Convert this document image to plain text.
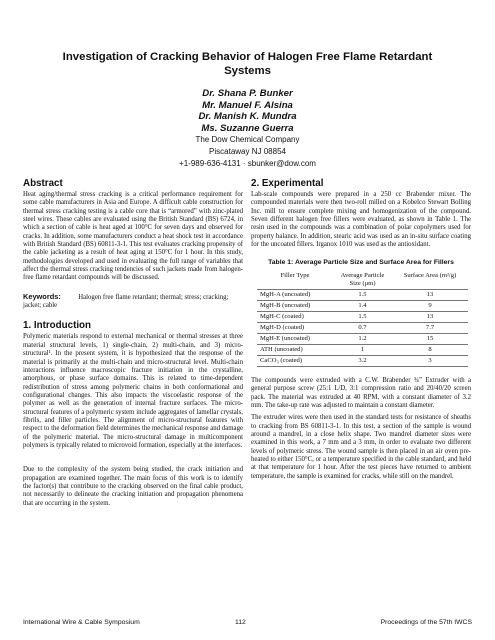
Investigation of Cracking Behavior of Halogen Free Flame Retardant Systems
Dr. Shana P. Bunker
Mr. Manuel F. Alsina
Dr. Manish K. Mundra
Ms. Suzanne Guerra
The Dow Chemical Company
Piscataway NJ 08854
+1-989-636-4131 · sbunker@dow.com
Abstract

Heat aging/thermal stress cracking is a critical performance requirement for some cable manufacturers in Asia and Europe. A difficult cable construction for thermal stress cracking testing is a cable core that is “armored” with zinc-plated steel wires. These cables are evaluated using the British Standard (BS) 6724, in which a section of cable is heat aged at 100°C for seven days and observed for cracks. In addition, some manufacturers conduct a heat shock test in accordance with British Standard (BS) 60811-3-1. This test evaluates cracking propensity of the cable jacketing as a result of heat aging at 150°C for 1 hour. In this study, methodologies developed and used in evaluating the full range of variables that affect the thermal stress cracking tendencies of such jackets made from halogen-free flame retardant compounds will be discussed.

Keywords:	Halogen free flame retardant; thermal; stress; cracking; jacket; cable
1. Introduction

Polymeric materials respond to external mechanical or thermal stresses at three material structural levels, 1) single-chain, 2) multi-chain, and 3) micro-structural¹. In the present system, it is hypothesized that the response of the material is primarily at the multi-chain and micro-structural level. Multi-chain interactions influence macroscopic fracture initiation in the crystalline, amorphous, or phase surface domains. This is related to time-dependent redistribution of stress among polymeric chains in both conformational and configurational changes. This also impacts the viscoelastic response of the polymer as well as the generation of internal fracture surfaces. The micro-structural features of a polymeric system include aggregates of lamellar crystals, fibrils, and filler particles. The alignment of micro-structural features with respect to the deformation field determines the mechanical response and damage of the polymeric material. The micro-structural damage in multicomponent polymers is typically related to microvoid formation, especially at the interfaces.

Due to the complexity of the system being studied, the crack initiation and propagation are examined together. The main focus of this work is to identify the factor(s) that contribute to the cracking observed on the final cable product, not necessarily to delineate the cracking initiation and propagation phenomena that are occurring in the system.

2. Experimental

Lab-scale compounds were prepared in a 250 cc Brabender mixer. The compounded materials were then two-roll milled on a Kobelco Stewart Bolling Inc. mill to ensure complete mixing and homogenization of the compound. Seven different halogen free fillers were evaluated, as shown in Table 1. The resin used in the compounds was a combination of polar copolymers used for property balance. In addition, stearic acid was used as an in-situ surface coating for the uncoated fillers. Irganox 1010 was used as the antioxidant.

Table 1: Average Particle Size and Surface Area for Fillers
Filler Type	Average Particle Size (μm)	Surface Area (m²/g)
MgH-A (uncoated)	1.5	13
MgH-B (uncoated)	1.4	9
MgH-C (coated)	1.5	13
MgH-D (coated)	0.7	7.7
MgH-E (uncoated)	1.2	15
ATH (uncoated)	1	8
CaCO₃ (coated)	3.2	3

The compounds were extruded with a C.W. Brabender ¾” Extruder with a general purpose screw (25:1 L/D, 3:1 compression ratio and 20/40/20 screen pack. The material was extruded at 40 RPM, with a constant diameter of 3.2 mm. The take-up rate was adjusted to maintain a constant diameter.

The extruder wires were then used in the standard tests for resistance of sheaths to cracking from BS 60811-3-1. In this test, a section of the sample is wound around a mandrel, in a close helix shape. Two mandrel diameter sizes were examined in this work, a 7 mm and a 3 mm, in order to evaluate two different levels of polymeric stress. The wound sample is then placed in an air oven pre-heated to either 150°C, or a temperature specified in the cable standard, and held at that temperature for 1 hour. After the test pieces have returned to ambient temperature, the sample is examined for cracks, while still on the mandrel.

International Wire & Cable Symposium	112	Proceedings of the 57th IWCS
